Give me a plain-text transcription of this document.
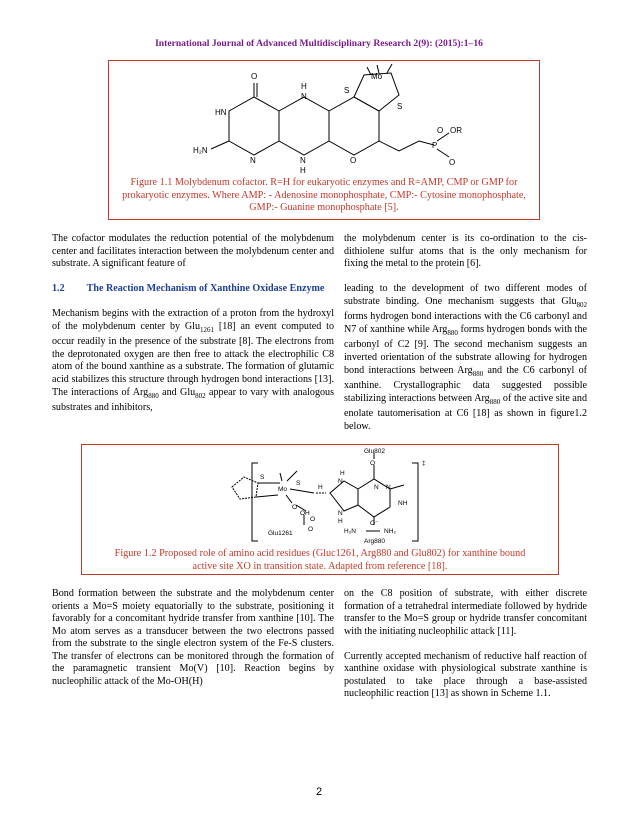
International Journal of Advanced Multidisciplinary Research 2(9): (2015):1–16
S
Mo
S
H
N
HN
O
H₂N
N	N
H
O
P
OR
O
O
Figure 1.1 Molybdenum cofactor. R=H for eukaryotic enzymes and R=AMP, CMP or GMP for
prokaryotic enzymes. Where AMP: - Adenosine monophosphate, CMP:- Cytosine monophosphate,
GMP:- Guanine monophosphate [5].

The cofactor modulates the reduction potential of the molybdenum center and facilitates interaction between the molybdenum center and substrate. A significant feature of

1.2 The Reaction Mechanism of Xanthine Oxidase Enzyme

Mechanism begins with the extraction of a proton from the hydroxyl of the molybdenum center by Glu$_{1261}$ [18] an event computed to occur readily in the presence of the substrate [8]. The electrons from the deprotonated oxygen are then free to attack the electrophilic C8 atom of the bound xanthine as a substrate. The formation of glutamic acid stabilizes this structure through hydrogen bond interactions [13]. The interactions of Arg$_{880}$ and Glu$_{802}$ appear to vary with analogous substrates and inhibitors,

the molybdenum center is its co-ordination to the cis-dithiolene sulfur atoms that is the only mechanism for fixing the metal to the protein [6].

leading to the development of two different modes of substrate binding. One mechanism suggests that Glu$_{802}$ forms hydrogen bond interactions with the C6 carbonyl and N7 of xanthine while Arg$_{880}$ forms hydrogen bonds with the carbonyl of C2 [9]. The second mechanism suggests an inverted orientation of the substrate allowing for hydrogen bond interactions between Arg$_{880}$ and the C6 carbonyl of xanthine. Crystallographic data suggested possible stabilizing interactions between Arg$_{880}$ of the active site and enolate tautomerisation at C6 [18] as shown in figure1.2 below.

Glu802
‡
O
S
Mo
S
O
H
N
O
OH
Glu1261
H
N
N
NH
O⁻
H₂N	NH₂
Arg880
H
N
O
Figure 1.2 Proposed role of amino acid residues (Gluc1261, Arg880 and Glu802) for xanthine bound
active site XO in transition state. Adapted from reference [18].

Bond formation between the substrate and the molybdenum center orients a Mo=S moiety equatorially to the substrate, positioning it favorably for a concomitant hydride transfer from xanthine [10]. The Mo atom serves as a transducer between the two electrons passed from the substrate to the single electron system of the Fe-S clusters. The transfer of electrons can be monitored through the formation of the paramagnetic transient Mo(V) [10]. Reaction begins by nucleophilic attack of the Mo-OH(H)

on the C8 position of substrate, with either discrete formation of a tetrahedral intermediate followed by hydride transfer to the Mo=S group or hydride transfer concomitant with the initiating nucleophilic attack [11].

Currently accepted mechanism of reductive half reaction of xanthine oxidase with physiological substrate xanthine is postulated to take place through a base-assisted nucleophilic reaction [13] as shown in Scheme 1.1.

2
